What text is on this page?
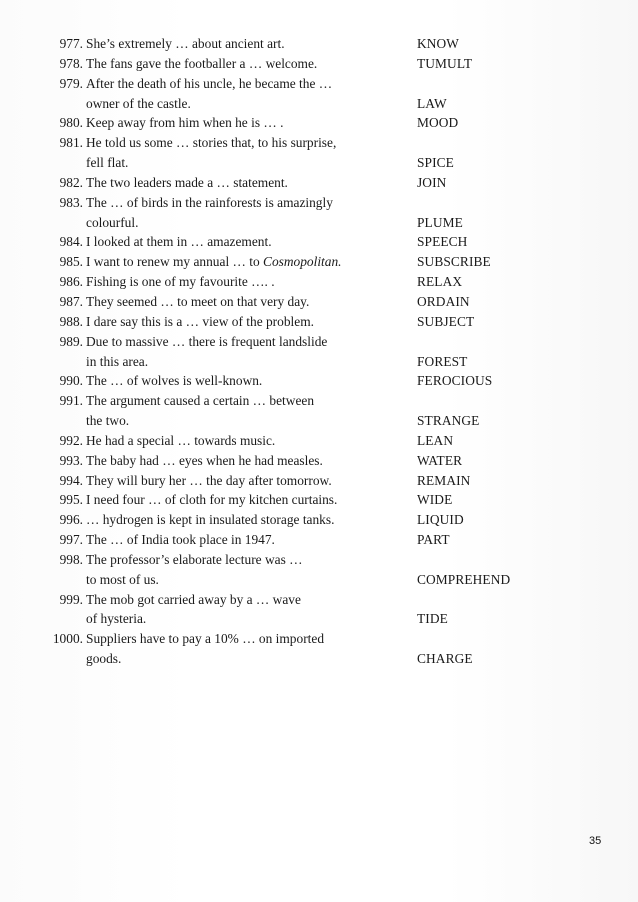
977. She’s extremely … about ancient art.	KNOW
978. The fans gave the footballer a … welcome.	TUMULT
979. After the death of his uncle, he became the …
owner of the castle.	LAW
980. Keep away from him when he is … .	MOOD
981. He told us some … stories that, to his surprise,
fell flat.	SPICE
982. The two leaders made a … statement.	JOIN
983. The … of birds in the rainforests is amazingly
colourful.	PLUME
984. I looked at them in … amazement.	SPEECH
985. I want to renew my annual … to Cosmopolitan.	SUBSCRIBE
986. Fishing is one of my favourite …. .	RELAX
987. They seemed … to meet on that very day.	ORDAIN
988. I dare say this is a … view of the problem.	SUBJECT
989. Due to massive … there is frequent landslide
in this area.	FOREST
990. The … of wolves is well-known.	FEROCIOUS
991. The argument caused a certain … between
the two.	STRANGE
992. He had a special … towards music.	LEAN
993. The baby had … eyes when he had measles.	WATER
994. They will bury her … the day after tomorrow.	REMAIN
995. I need four … of cloth for my kitchen curtains.	WIDE
996. … hydrogen is kept in insulated storage tanks.	LIQUID
997. The … of India took place in 1947.	PART
998. The professor’s elaborate lecture was …
to most of us.	COMPREHEND
999. The mob got carried away by a … wave
of hysteria.	TIDE
1000. Suppliers have to pay a 10% … on imported
goods.	CHARGE
35
